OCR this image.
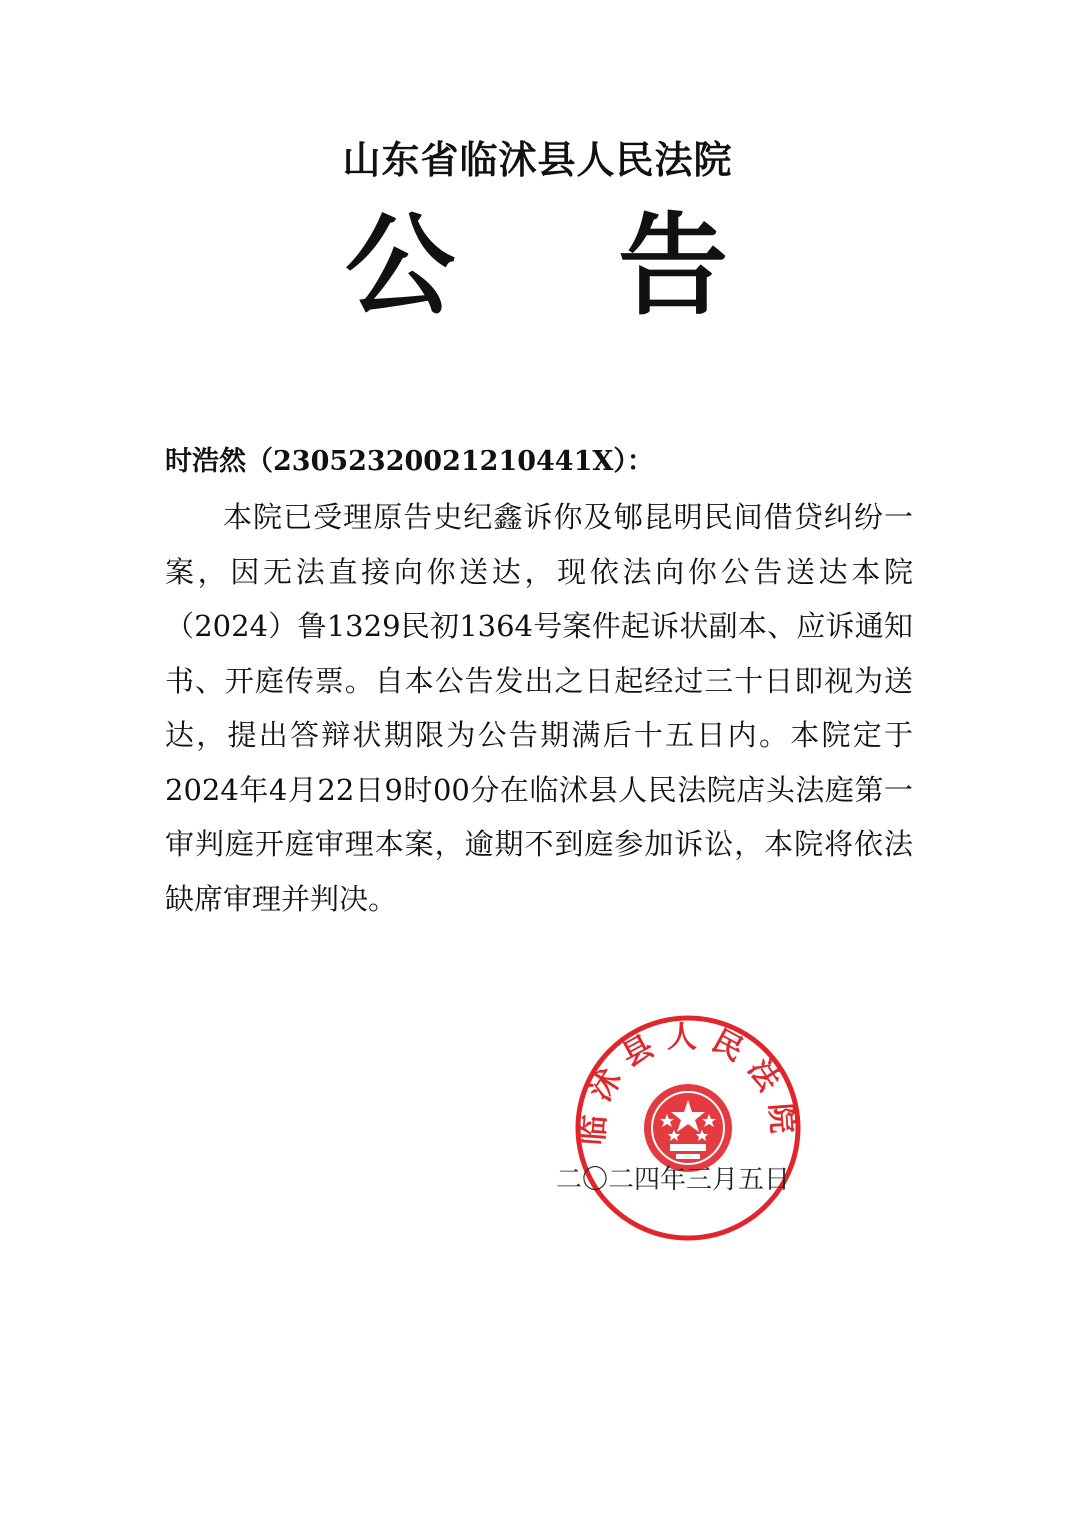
山东省临沭县人民法院
公 告

时浩然（23052320021210441X）：

本院已受理原告史纪鑫诉你及郇昆明民间借贷纠纷一案，因无法直接向你送达，现依法向你公告送达本院（2024）鲁1329民初1364号案件起诉状副本、应诉通知书、开庭传票。自本公告发出之日起经过三十日即视为送达，提出答辩状期限为公告期满后十五日内。本院定于2024年4月22日9时00分在临沭县人民法院店头法庭第一审判庭开庭审理本案，逾期不到庭参加诉讼，本院将依法缺席审理并判决。

临沭县人民法院

二〇二四年三月五日
